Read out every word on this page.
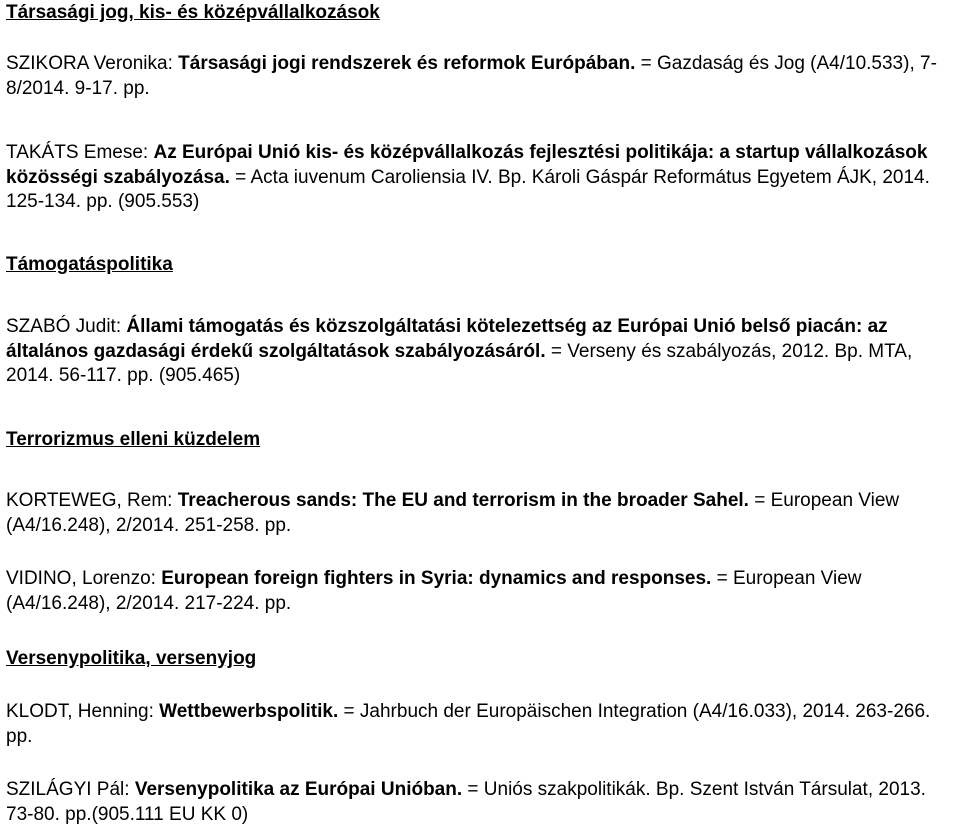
Társasági jog, kis- és középvállalkozások

SZIKORA Veronika: Társasági jogi rendszerek és reformok Európában. = Gazdaság és Jog (A4/10.533), 7-8/2014. 9-17. pp.

TAKÁTS Emese: Az Európai Unió kis- és középvállalkozás fejlesztési politikája: a startup vállalkozások közösségi szabályozása. = Acta iuvenum Caroliensia IV. Bp. Károli Gáspár Református Egyetem ÁJK, 2014. 125-134. pp. (905.553)

Támogatáspolitika

SZABÓ Judit: Állami támogatás és közszolgáltatási kötelezettség az Európai Unió belső piacán: az általános gazdasági érdekű szolgáltatások szabályozásáról. = Verseny és szabályozás, 2012. Bp. MTA, 2014. 56-117. pp. (905.465)

Terrorizmus elleni küzdelem

KORTEWEG, Rem: Treacherous sands: The EU and terrorism in the broader Sahel. = European View (A4/16.248), 2/2014. 251-258. pp.

VIDINO, Lorenzo: European foreign fighters in Syria: dynamics and responses. = European View (A4/16.248), 2/2014. 217-224. pp.

Versenypolitika, versenyjog

KLODT, Henning: Wettbewerbspolitik. = Jahrbuch der Europäischen Integration (A4/16.033), 2014. 263-266. pp.

SZILÁGYI Pál: Versenypolitika az Európai Unióban. = Uniós szakpolitikák. Bp. Szent István Társulat, 2013. 73-80. pp.(905.111 EU KK 0)
